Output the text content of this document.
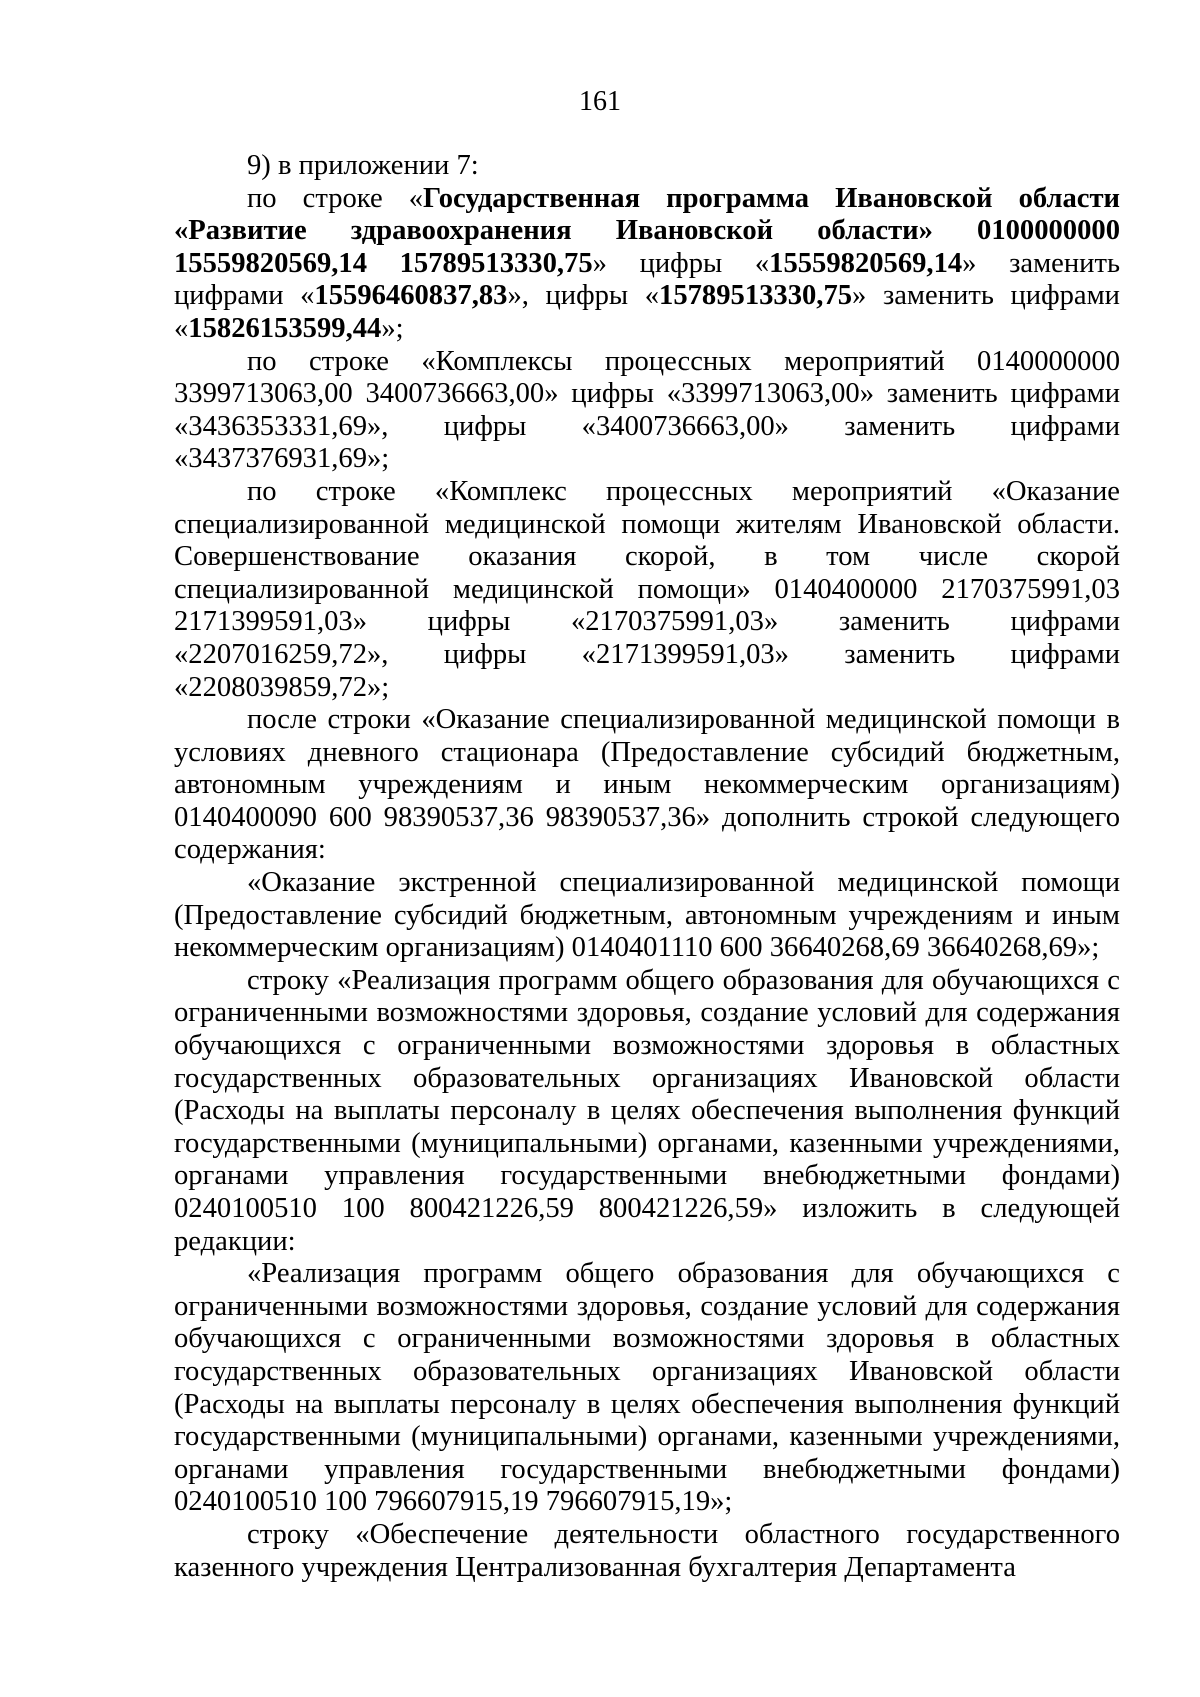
161

9) в приложении 7:

по строке «Государственная программа Ивановской области «Развитие здравоохранения Ивановской области» 0100000000 15559820569,14 15789513330,75» цифры «15559820569,14» заменить цифрами «15596460837,83», цифры «15789513330,75» заменить цифрами «15826153599,44»;

по строке «Комплексы процессных мероприятий 0140000000 3399713063,00 3400736663,00» цифры «3399713063,00» заменить цифрами «3436353331,69», цифры «3400736663,00» заменить цифрами «3437376931,69»;

по строке «Комплекс процессных мероприятий «Оказание специализированной медицинской помощи жителям Ивановской области. Совершенствование оказания скорой, в том числе скорой специализированной медицинской помощи» 0140400000 2170375991,03 2171399591,03» цифры «2170375991,03» заменить цифрами «2207016259,72», цифры «2171399591,03» заменить цифрами «2208039859,72»;

после строки «Оказание специализированной медицинской помощи в условиях дневного стационара (Предоставление субсидий бюджетным, автономным учреждениям и иным некоммерческим организациям) 0140400090 600 98390537,36 98390537,36» дополнить строкой следующего содержания:

«Оказание экстренной специализированной медицинской помощи (Предоставление субсидий бюджетным, автономным учреждениям и иным некоммерческим организациям) 0140401110 600 36640268,69 36640268,69»;

строку «Реализация программ общего образования для обучающихся с ограниченными возможностями здоровья, создание условий для содержания обучающихся с ограниченными возможностями здоровья в областных государственных образовательных организациях Ивановской области (Расходы на выплаты персоналу в целях обеспечения выполнения функций государственными (муниципальными) органами, казенными учреждениями, органами управления государственными внебюджетными фондами) 0240100510 100 800421226,59 800421226,59» изложить в следующей редакции:

«Реализация программ общего образования для обучающихся с ограниченными возможностями здоровья, создание условий для содержания обучающихся с ограниченными возможностями здоровья в областных государственных образовательных организациях Ивановской области (Расходы на выплаты персоналу в целях обеспечения выполнения функций государственными (муниципальными) органами, казенными учреждениями, органами управления государственными внебюджетными фондами) 0240100510 100 796607915,19 796607915,19»;

строку «Обеспечение деятельности областного государственного казенного учреждения Централизованная бухгалтерия Департамента
